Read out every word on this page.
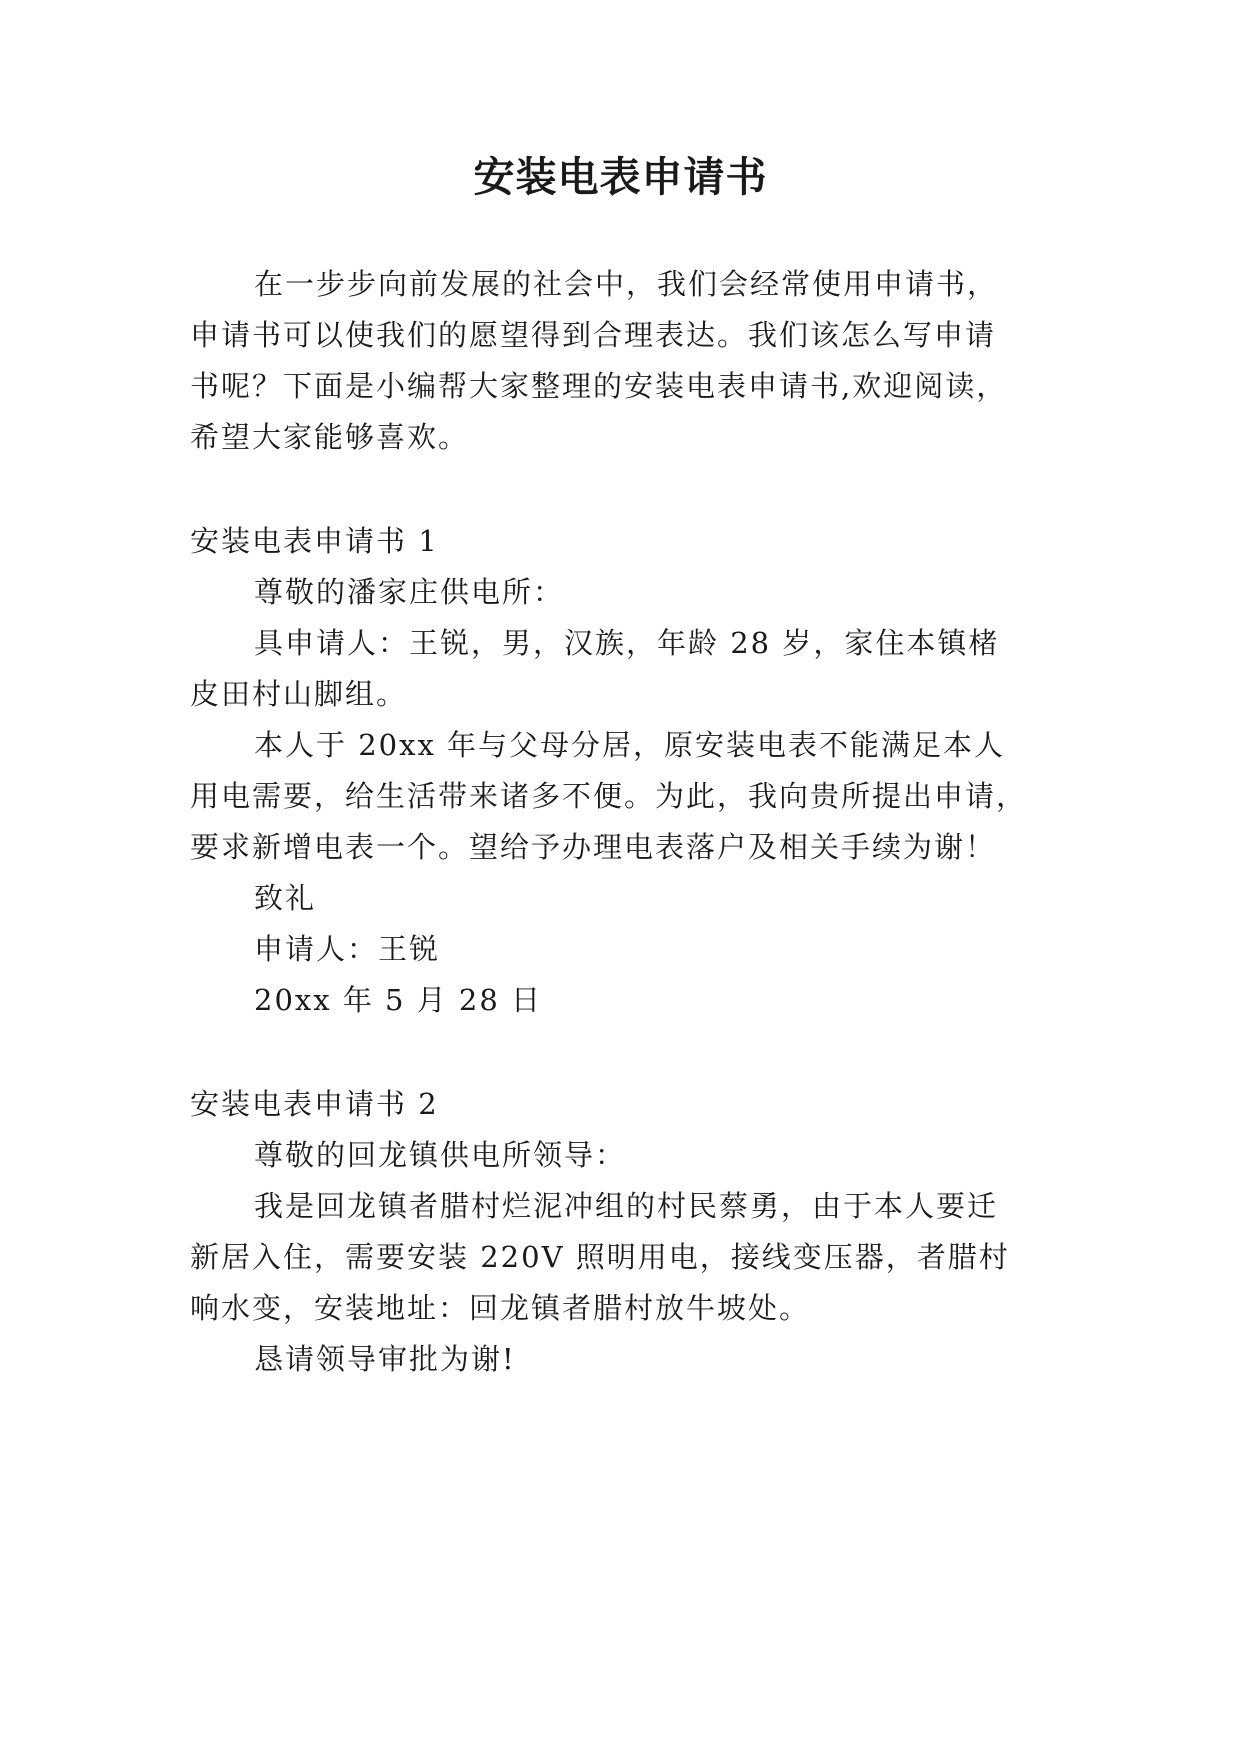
安装电表申请书
在一步步向前发展的社会中，我们会经常使用申请书，
申请书可以使我们的愿望得到合理表达。我们该怎么写申请
书呢？下面是小编帮大家整理的安装电表申请书,欢迎阅读，
希望大家能够喜欢。
安装电表申请书 1
尊敬的潘家庄供电所：
具申请人：王锐，男，汉族，年龄 28 岁，家住本镇楮
皮田村山脚组。
本人于 20xx 年与父母分居，原安装电表不能满足本人
用电需要，给生活带来诸多不便。为此，我向贵所提出申请，
要求新增电表一个。望给予办理电表落户及相关手续为谢！
致礼
申请人：王锐
20xx 年 5 月 28 日
安装电表申请书 2
尊敬的回龙镇供电所领导：
我是回龙镇者腊村烂泥冲组的村民蔡勇，由于本人要迁
新居入住，需要安装 220V 照明用电，接线变压器，者腊村
响水变，安装地址：回龙镇者腊村放牛坡处。
恳请领导审批为谢!
